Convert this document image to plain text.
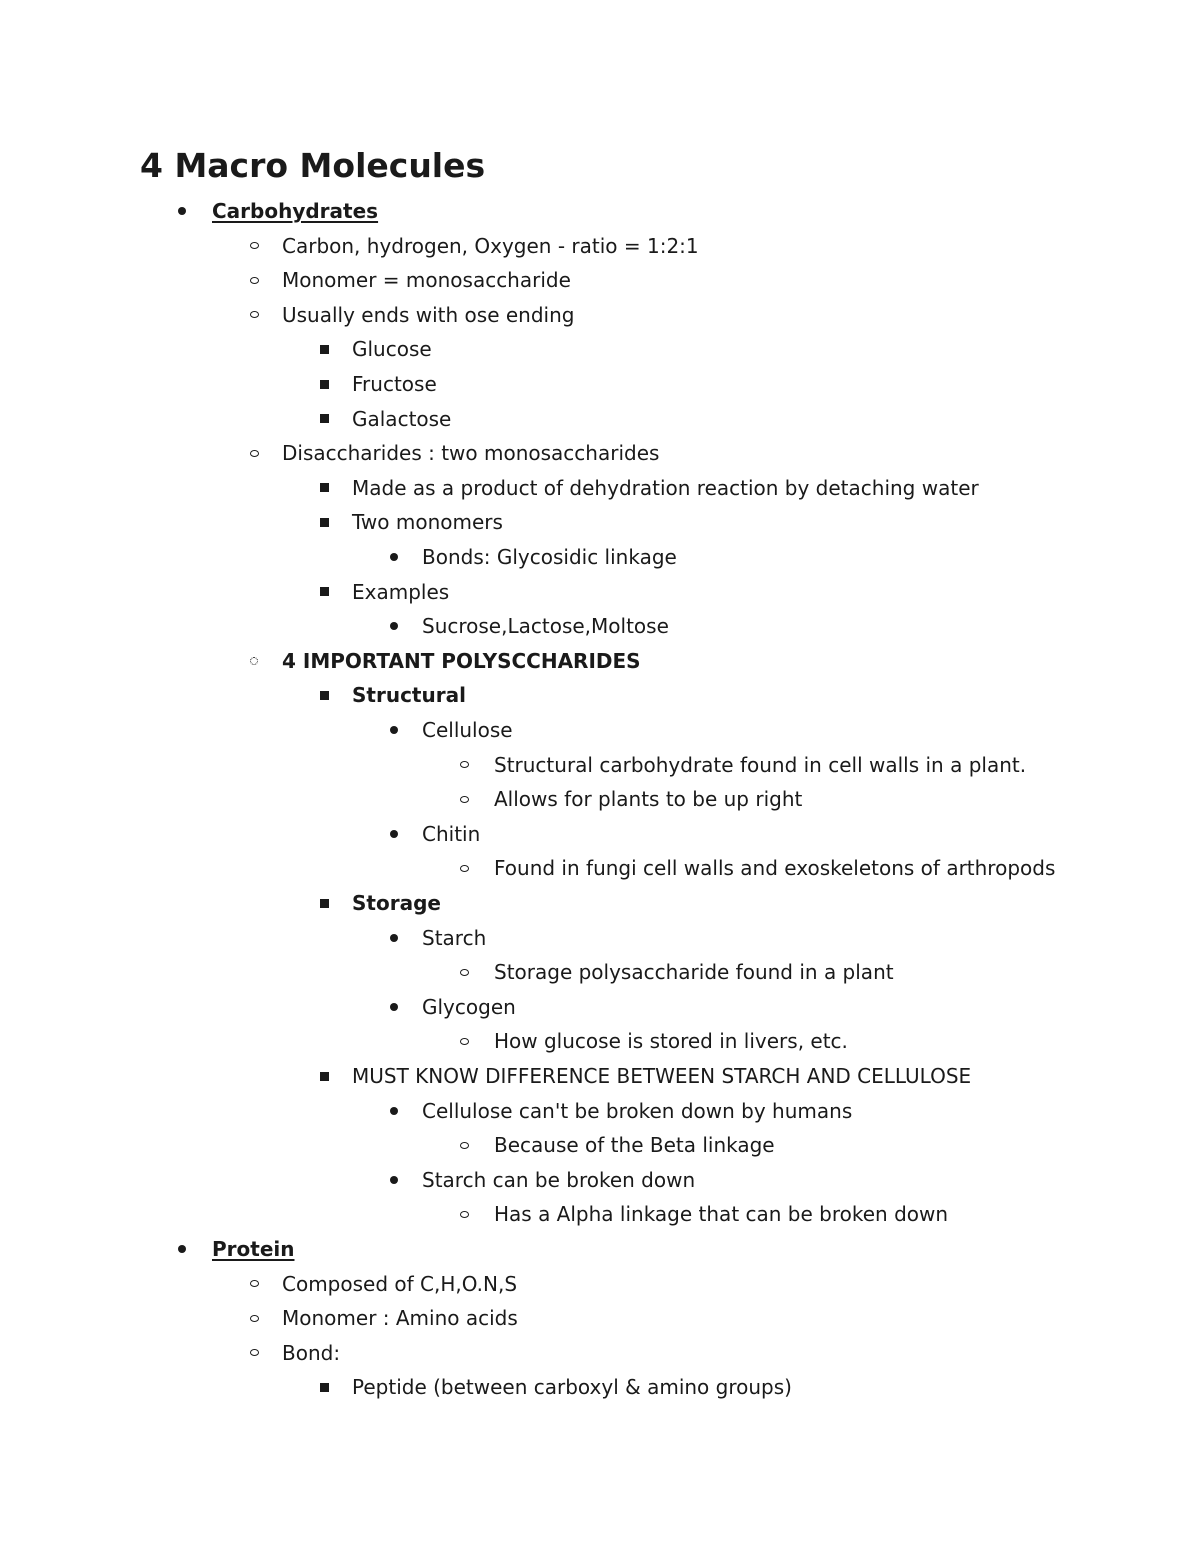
4 Macro Molecules
Carbohydrates
Carbon, hydrogen, Oxygen - ratio = 1:2:1
Monomer = monosaccharide
Usually ends with ose ending
Glucose
Fructose
Galactose
Disaccharides : two monosaccharides
Made as a product of dehydration reaction by detaching water
Two monomers
Bonds: Glycosidic linkage
Examples
Sucrose,Lactose,Moltose
4 IMPORTANT POLYSCCHARIDES
Structural
Cellulose
Structural carbohydrate found in cell walls in a plant.
Allows for plants to be up right
Chitin
Found in fungi cell walls and exoskeletons of arthropods
Storage
Starch
Storage polysaccharide found in a plant
Glycogen
How glucose is stored in livers, etc.
MUST KNOW DIFFERENCE BETWEEN STARCH AND CELLULOSE
Cellulose can't be broken down by humans
Because of the Beta linkage
Starch can be broken down
Has a Alpha linkage that can be broken down
Protein
Composed of C,H,O.N,S
Monomer : Amino acids
Bond:
Peptide (between carboxyl & amino groups)
